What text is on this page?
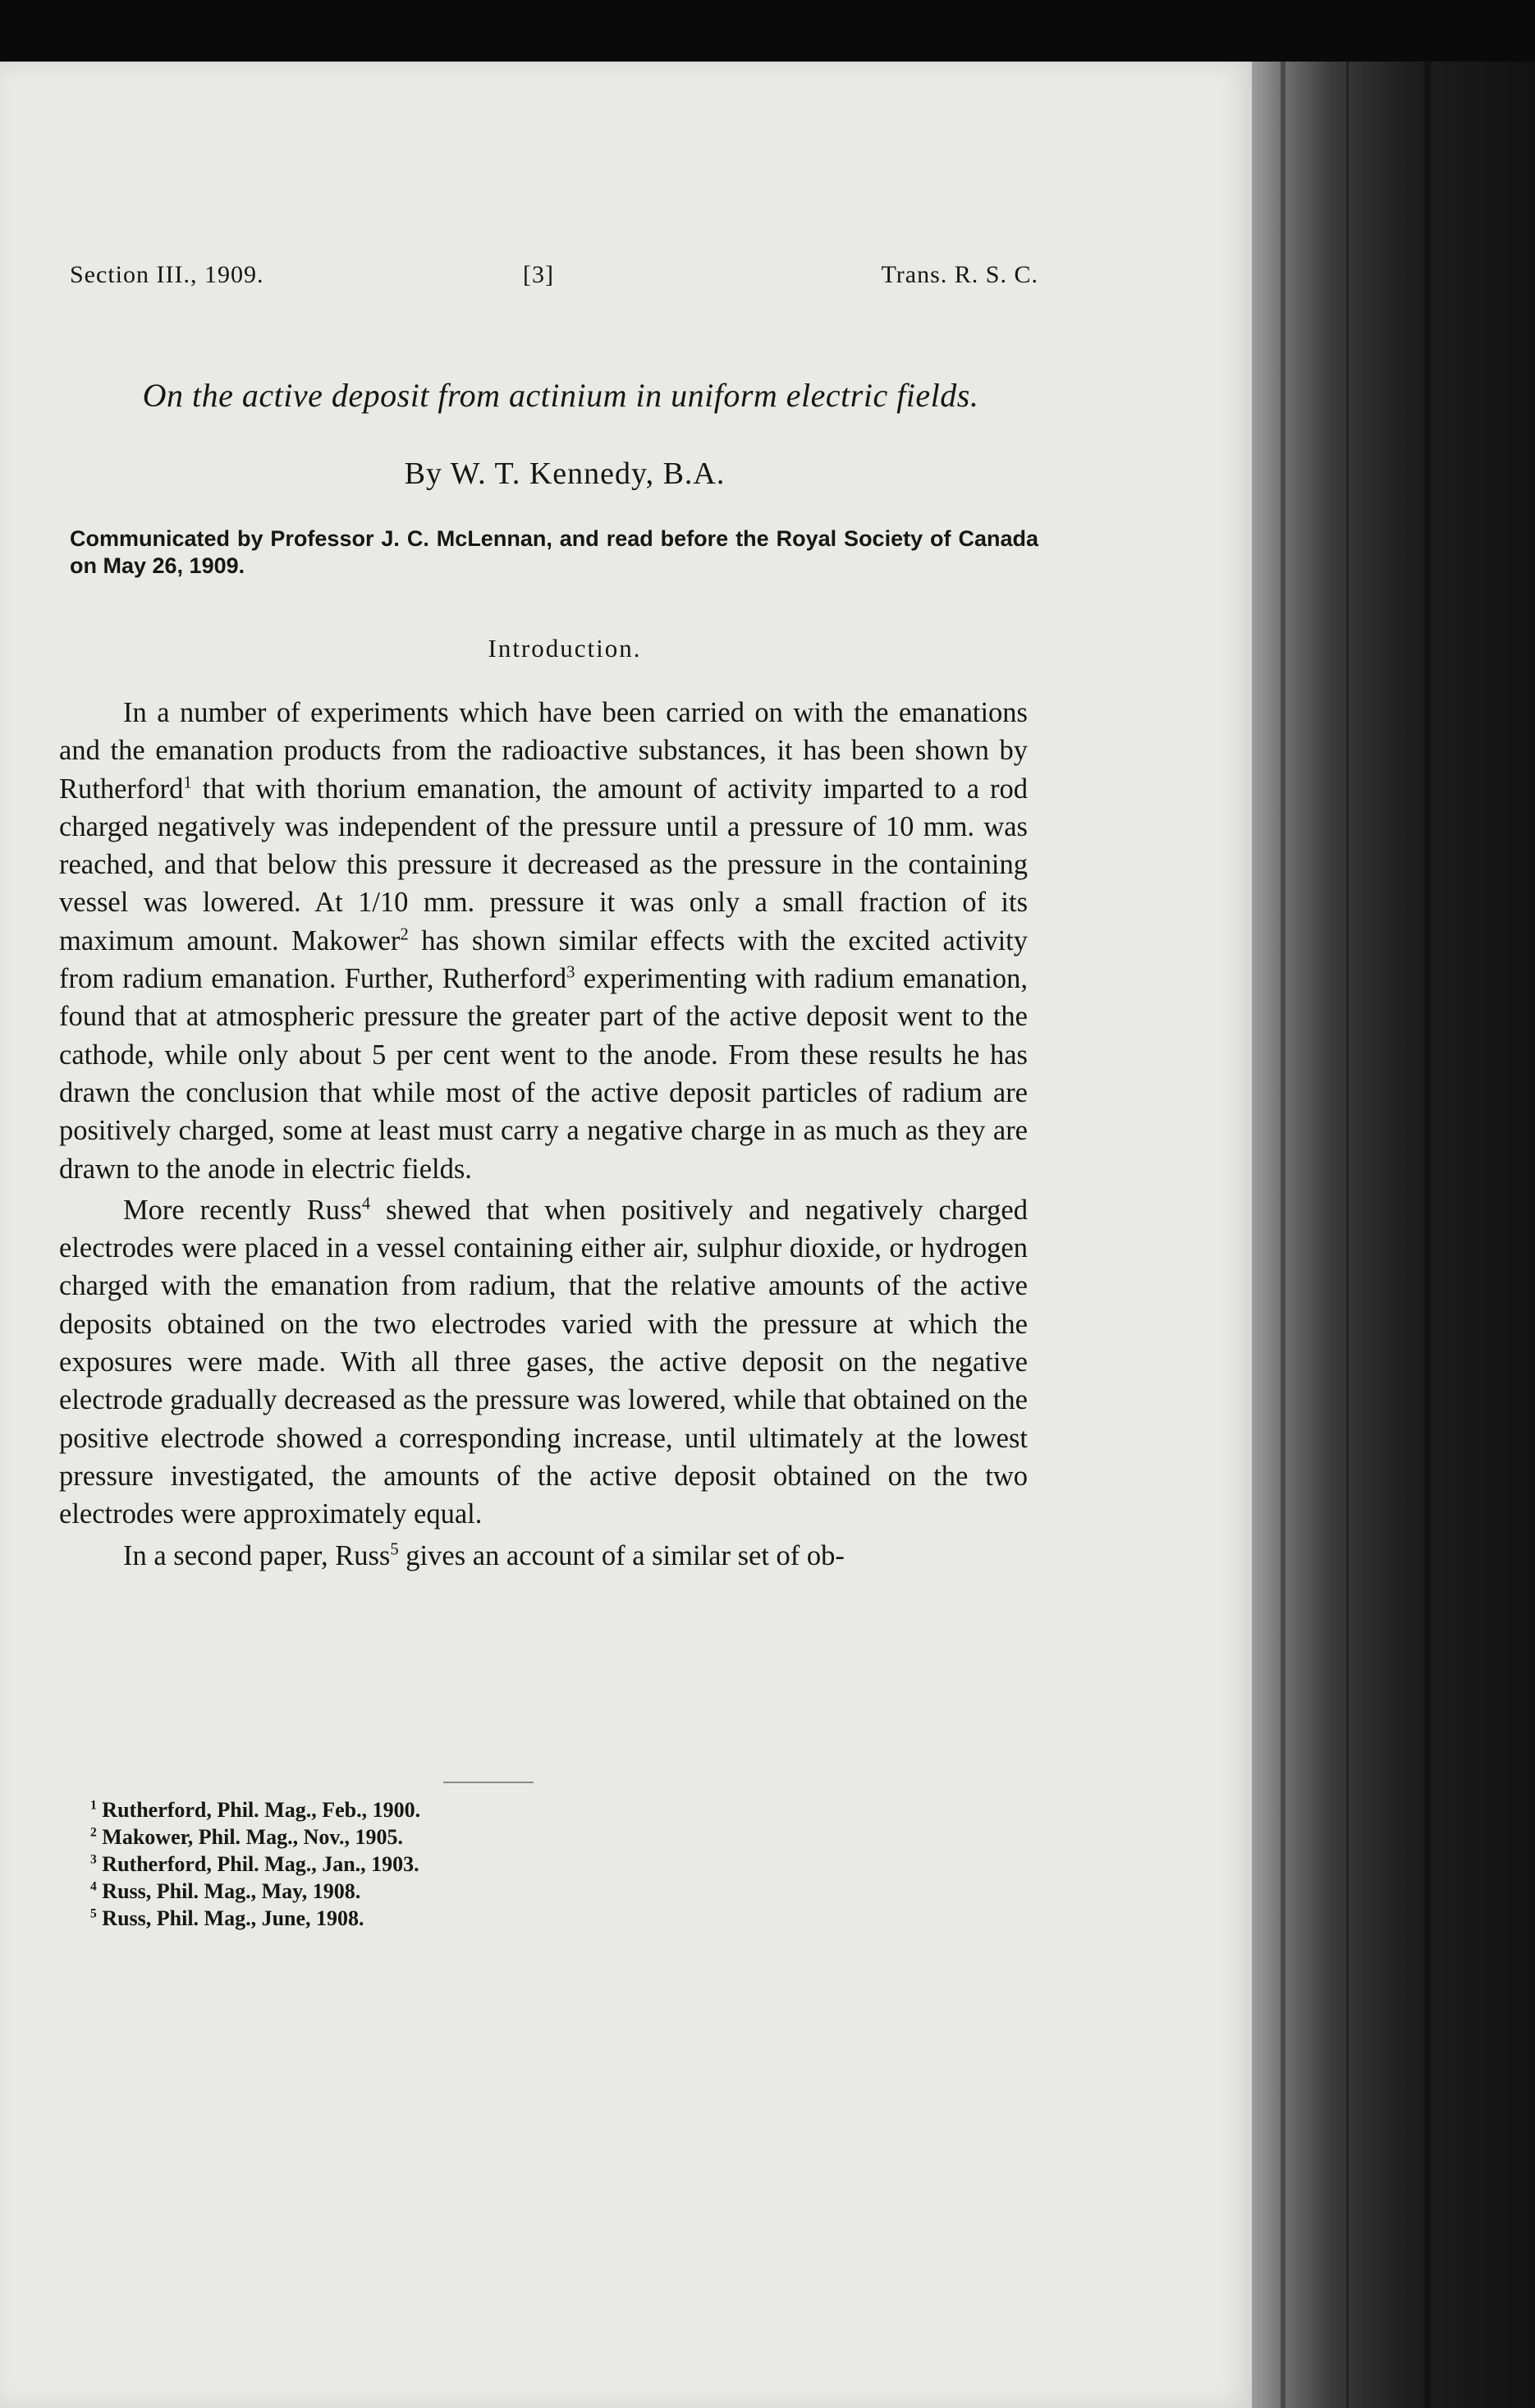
Section III., 1909.	[3]	Trans. R. S. C.
On the active deposit from actinium in uniform electric fields.
By W. T. Kennedy, B.A.
Communicated by Professor J. C. McLennan, and read before the Royal Society of Canada on May 26, 1909.
Introduction.

In a number of experiments which have been carried on with the emanations and the emanation products from the radioactive substances, it has been shown by Rutherford$^1$ that with thorium emanation, the amount of activity imparted to a rod charged negatively was independent of the pressure until a pressure of 10 mm. was reached, and that below this pressure it decreased as the pressure in the containing vessel was lowered. At 1/10 mm. pressure it was only a small fraction of its maximum amount. Makower$^2$ has shown similar effects with the excited activity from radium emanation. Further, Rutherford$^3$ experimenting with radium emanation, found that at atmospheric pressure the greater part of the active deposit went to the cathode, while only about 5 per cent went to the anode. From these results he has drawn the conclusion that while most of the active deposit particles of radium are positively charged, some at least must carry a negative charge in as much as they are drawn to the anode in electric fields.

More recently Russ$^4$ shewed that when positively and negatively charged electrodes were placed in a vessel containing either air, sulphur dioxide, or hydrogen charged with the emanation from radium, that the relative amounts of the active deposits obtained on the two electrodes varied with the pressure at which the exposures were made. With all three gases, the active deposit on the negative electrode gradually decreased as the pressure was lowered, while that obtained on the positive electrode showed a corresponding increase, until ultimately at the lowest pressure investigated, the amounts of the active deposit obtained on the two electrodes were approximately equal.

In a second paper, Russ$^5$ gives an account of a similar set of ob-

$^1$ Rutherford, Phil. Mag., Feb., 1900.
$^2$ Makower, Phil. Mag., Nov., 1905.
$^3$ Rutherford, Phil. Mag., Jan., 1903.
$^4$ Russ, Phil. Mag., May, 1908.
$^5$ Russ, Phil. Mag., June, 1908.
